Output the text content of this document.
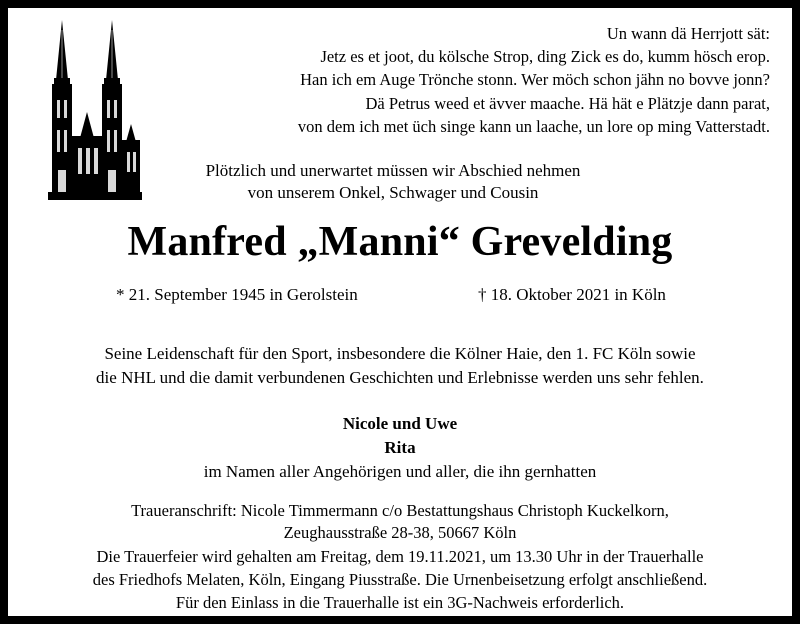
Un wann dä Herrjott sät:
Jetz es et joot, du kölsche Strop, ding Zick es do, kumm hösch erop.
Han ich em Auge Trönche stonn. Wer möch schon jähn no bovve jonn?
Dä Petrus weed et ävver maache. Hä hät e Plätzje dann parat,
von dem ich met üch singe kann un laache, un lore op ming Vatterstadt.
Plötzlich und unerwartet müssen wir Abschied nehmen
von unserem Onkel, Schwager und Cousin
Manfred „Manni“ Grevelding
* 21. September 1945 in Gerolstein	† 18. Oktober 2021 in Köln
Seine Leidenschaft für den Sport, insbesondere die Kölner Haie, den 1. FC Köln sowie
die NHL und die damit verbundenen Geschichten und Erlebnisse werden uns sehr fehlen.
Nicole und Uwe
Rita
im Namen aller Angehörigen und aller, die ihn gernhatten
Traueranschrift: Nicole Timmermann c/o Bestattungshaus Christoph Kuckelkorn,
Zeughausstraße 28-38, 50667 Köln
Die Trauerfeier wird gehalten am Freitag, dem 19.11.2021, um 13.30 Uhr in der Trauerhalle
des Friedhofs Melaten, Köln, Eingang Piusstraße. Die Urnenbeisetzung erfolgt anschließend.
Für den Einlass in die Trauerhalle ist ein 3G-Nachweis erforderlich.
